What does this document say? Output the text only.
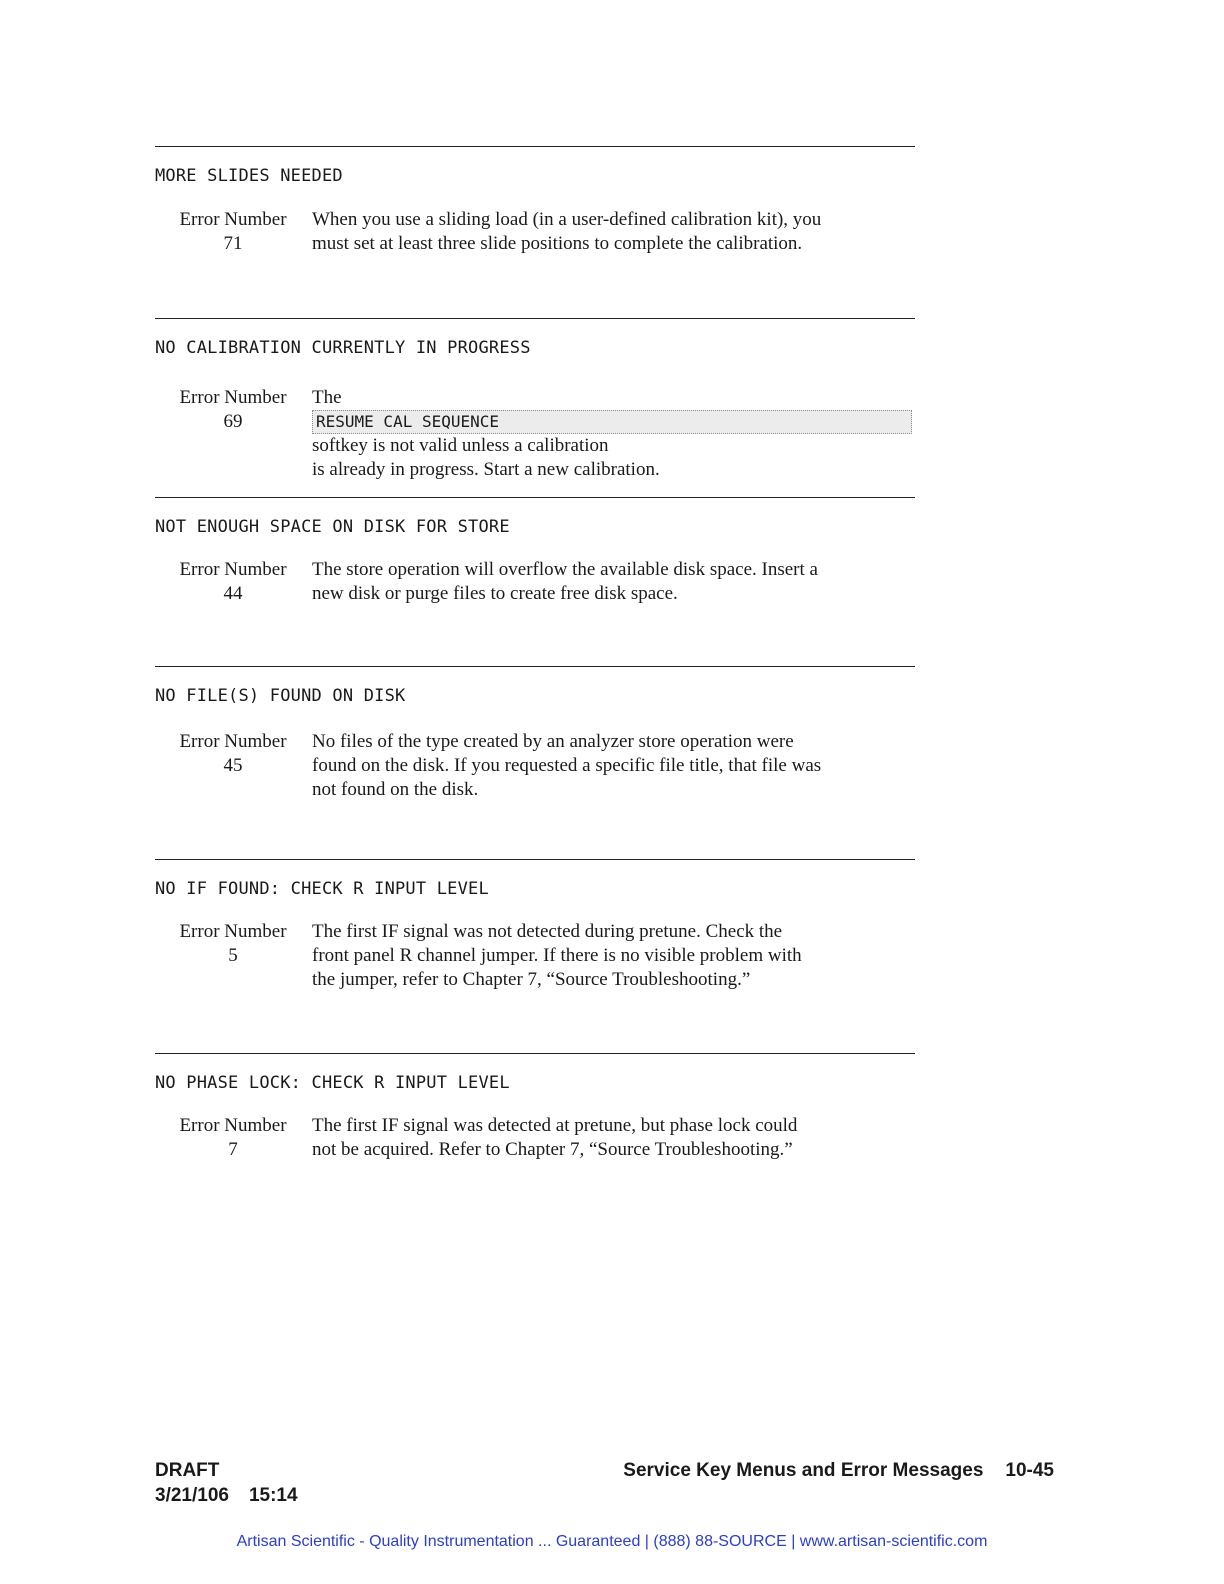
MORE SLIDES NEEDED
Error Number
71
When you use a sliding load (in a user-defined calibration kit), you
must set at least three slide positions to complete the calibration.
NO CALIBRATION CURRENTLY IN PROGRESS
Error Number
69
The
RESUME CAL SEQUENCE
softkey is not valid unless a calibration
is already in progress. Start a new calibration.
NOT ENOUGH SPACE ON DISK FOR STORE
Error Number
44
The store operation will overflow the available disk space. Insert a
new disk or purge files to create free disk space.
NO FILE(S) FOUND ON DISK
Error Number
45
No files of the type created by an analyzer store operation were
found on the disk. If you requested a specific file title, that file was
not found on the disk.
NO IF FOUND: CHECK R INPUT LEVEL
Error Number
5
The first IF signal was not detected during pretune. Check the
front panel R channel jumper. If there is no visible problem with
the jumper, refer to Chapter 7, “Source Troubleshooting.”
NO PHASE LOCK: CHECK R INPUT LEVEL
Error Number
7
The first IF signal was detected at pretune, but phase lock could
not be acquired. Refer to Chapter 7, “Source Troubleshooting.”
DRAFT
3/21/106 15:14
Service Key Menus and Error Messages 10-45
Artisan Scientific - Quality Instrumentation ... Guaranteed | (888) 88-SOURCE | www.artisan-scientific.com
